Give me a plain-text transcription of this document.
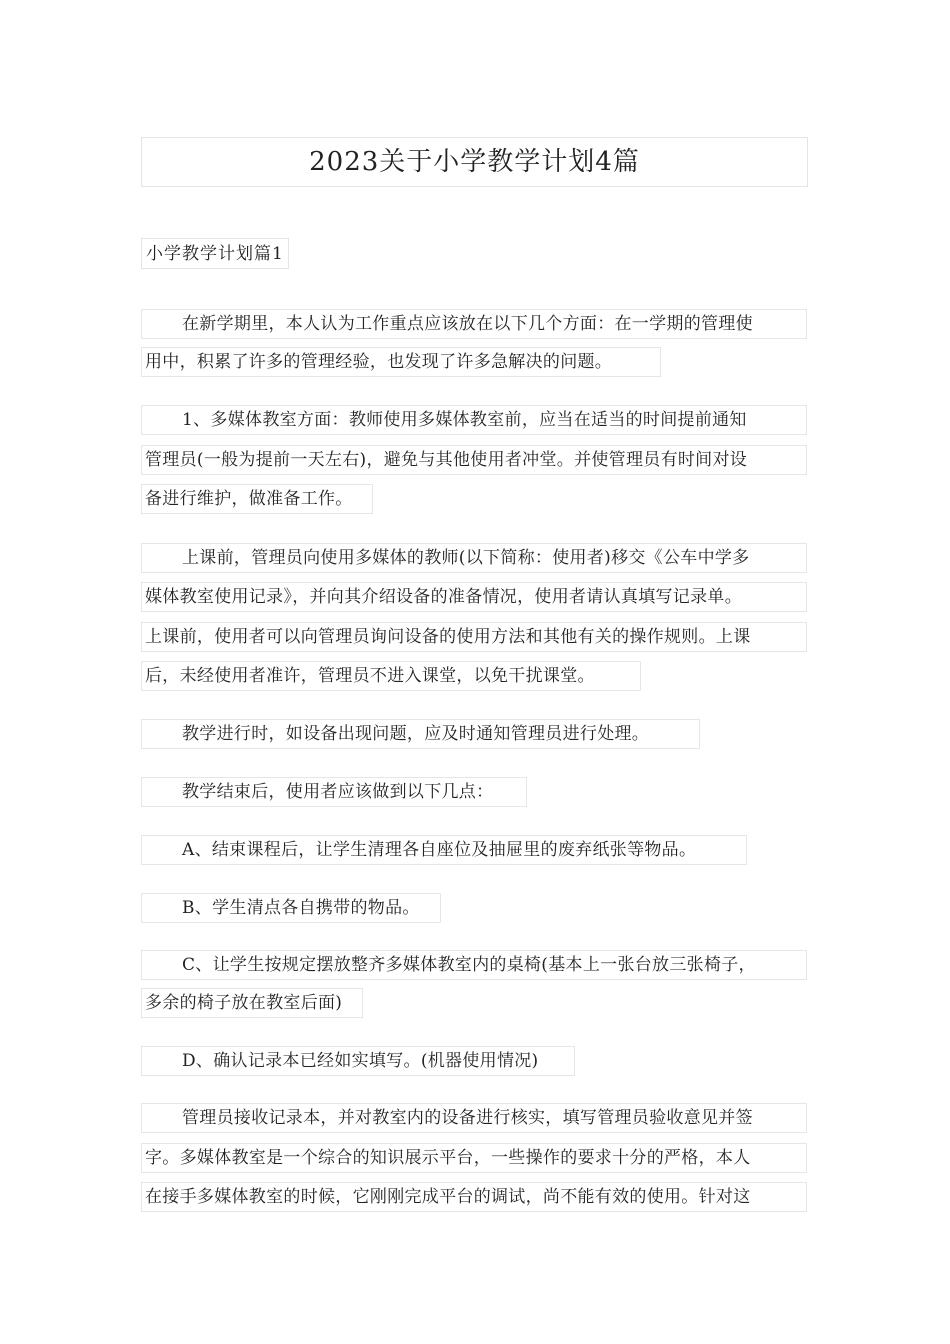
2023关于小学教学计划4篇
小学教学计划篇1
在新学期里，本人认为工作重点应该放在以下几个方面：在一学期的管理使
用中，积累了许多的管理经验，也发现了许多急解决的问题。
1、多媒体教室方面：教师使用多媒体教室前，应当在适当的时间提前通知
管理员(一般为提前一天左右)，避免与其他使用者冲堂。并使管理员有时间对设
备进行维护，做准备工作。
上课前，管理员向使用多媒体的教师(以下简称：使用者)移交《公车中学多
媒体教室使用记录》，并向其介绍设备的准备情况，使用者请认真填写记录单。
上课前，使用者可以向管理员询问设备的使用方法和其他有关的操作规则。上课
后，未经使用者准许，管理员不进入课堂，以免干扰课堂。
教学进行时，如设备出现问题，应及时通知管理员进行处理。
教学结束后，使用者应该做到以下几点：
A、结束课程后，让学生清理各自座位及抽屉里的废弃纸张等物品。
B、学生清点各自携带的物品。
C、让学生按规定摆放整齐多媒体教室内的桌椅(基本上一张台放三张椅子，
多余的椅子放在教室后面)
D、确认记录本已经如实填写。(机器使用情况)
管理员接收记录本，并对教室内的设备进行核实，填写管理员验收意见并签
字。多媒体教室是一个综合的知识展示平台，一些操作的要求十分的严格，本人
在接手多媒体教室的时候，它刚刚完成平台的调试，尚不能有效的使用。针对这
